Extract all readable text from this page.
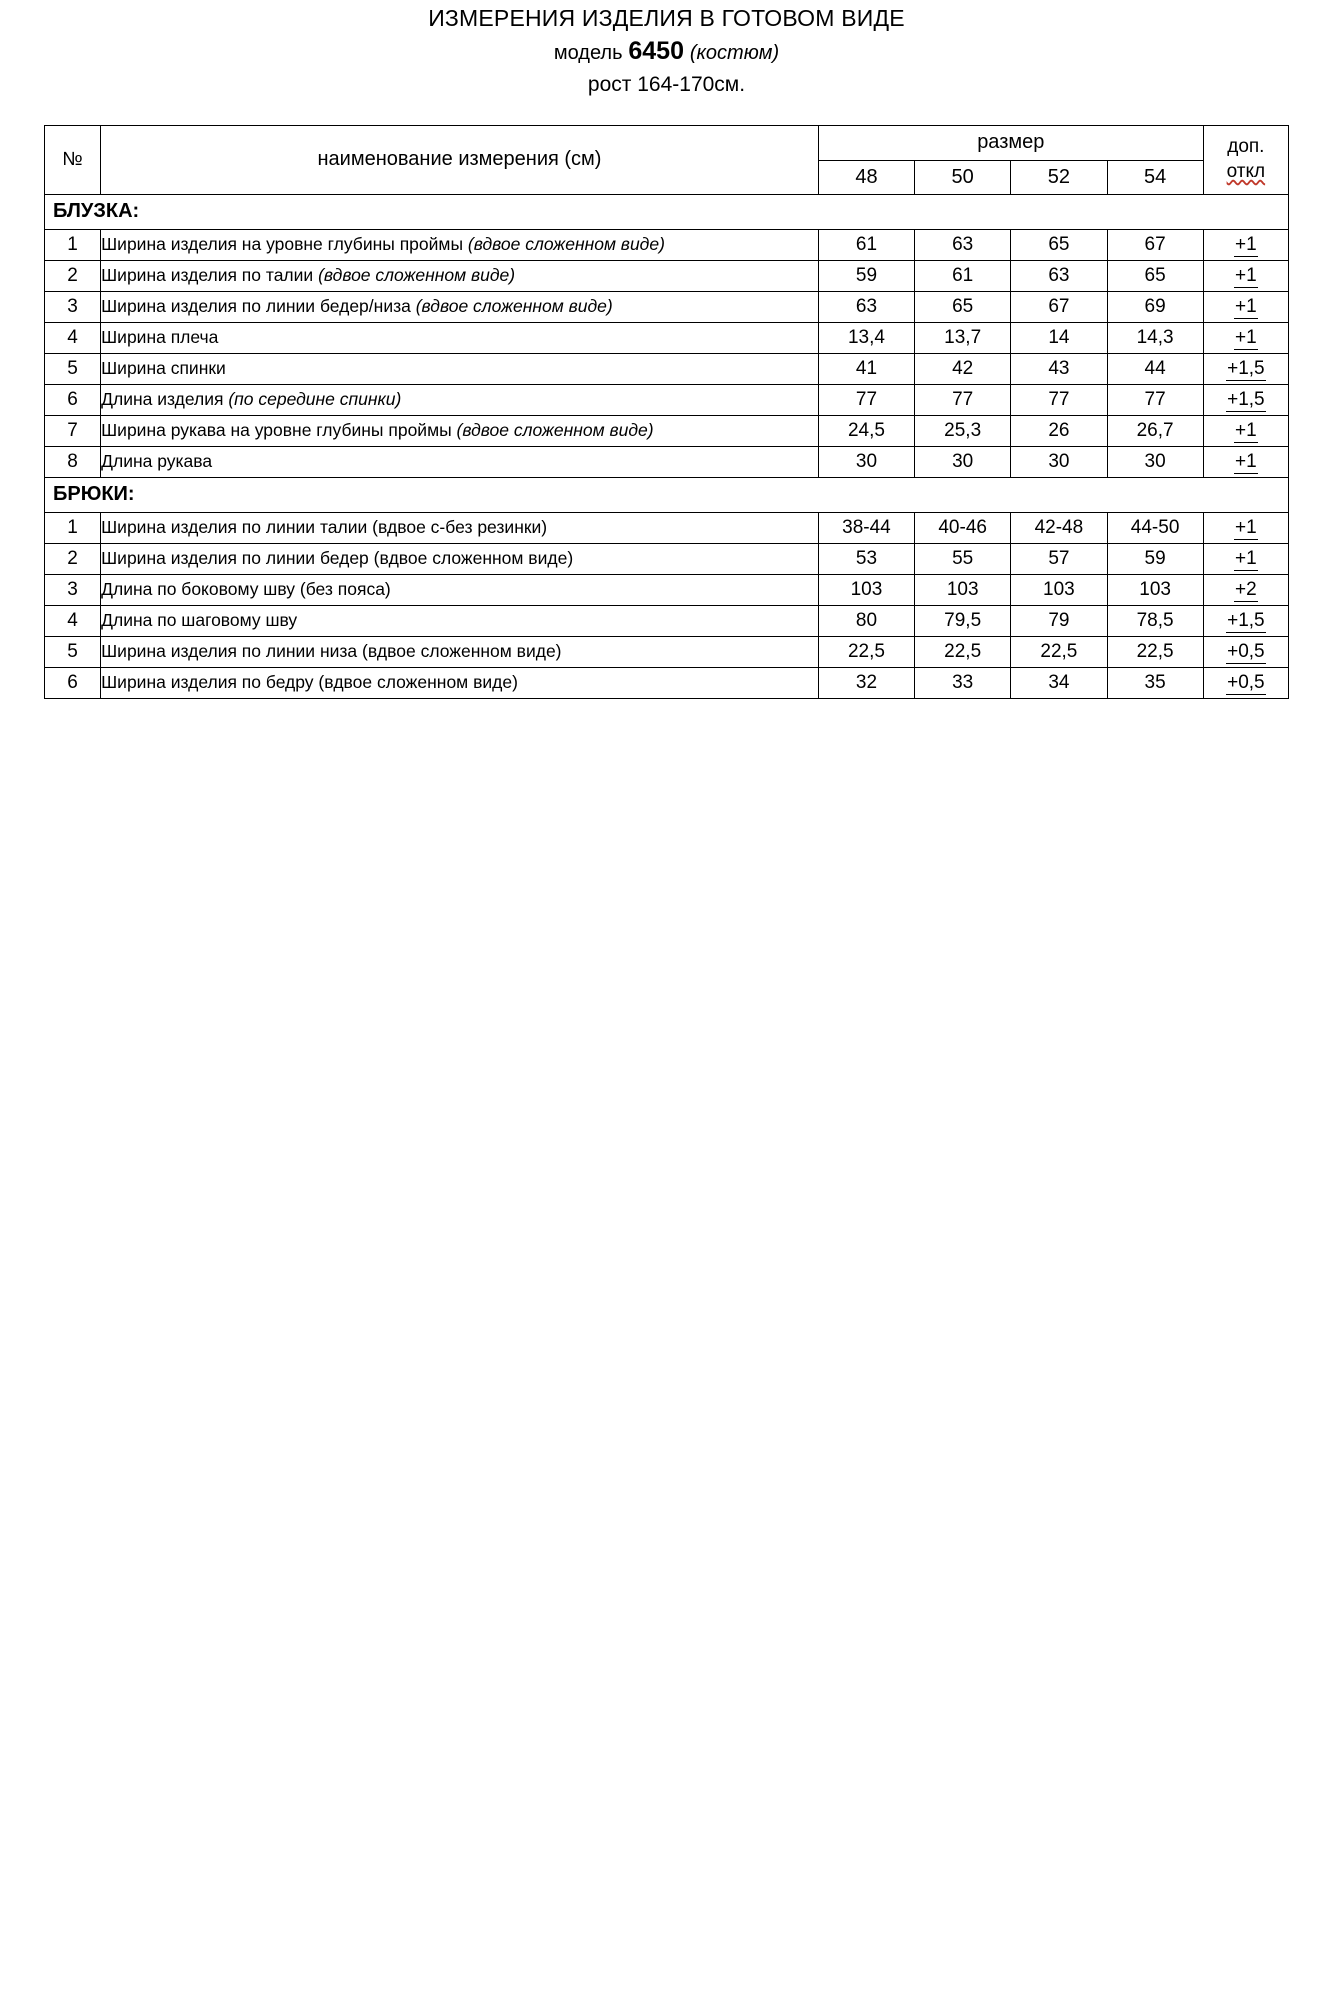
ИЗМЕРЕНИЯ ИЗДЕЛИЯ В ГОТОВОМ ВИДЕ
модель 6450 (костюм)
рост 164-170см.
№	наименование измерения (см)	размер				доп.
откл

		48	50	52	54	
БЛУЗКА:						
1	Ширина изделия на уровне глубины проймы (вдвое сложенном виде)	61	63	65	67	+1
2	Ширина изделия по талии (вдвое сложенном виде)	59	61	63	65	+1
3	Ширина изделия по линии бедер/низа (вдвое сложенном виде)	63	65	67	69	+1
4	Ширина плеча	13,4	13,7	14	14,3	+1
5	Ширина спинки	41	42	43	44	+1,5
6	Длина изделия (по середине спинки)	77	77	77	77	+1,5
7	Ширина рукава на уровне глубины проймы (вдвое сложенном виде)	24,5	25,3	26	26,7	+1
8	Длина рукава	30	30	30	30	+1
БРЮКИ:						
1	Ширина изделия по линии талии (вдвое с-без резинки)	38-44	40-46	42-48	44-50	+1
2	Ширина изделия по линии бедер (вдвое сложенном виде)	53	55	57	59	+1
3	Длина по боковому шву (без пояса)	103	103	103	103	+2
4	Длина по шаговому шву	80	79,5	79	78,5	+1,5
5	Ширина изделия по линии низа (вдвое сложенном виде)	22,5	22,5	22,5	22,5	+0,5
6	Ширина изделия по бедру (вдвое сложенном виде)	32	33	34	35	+0,5
